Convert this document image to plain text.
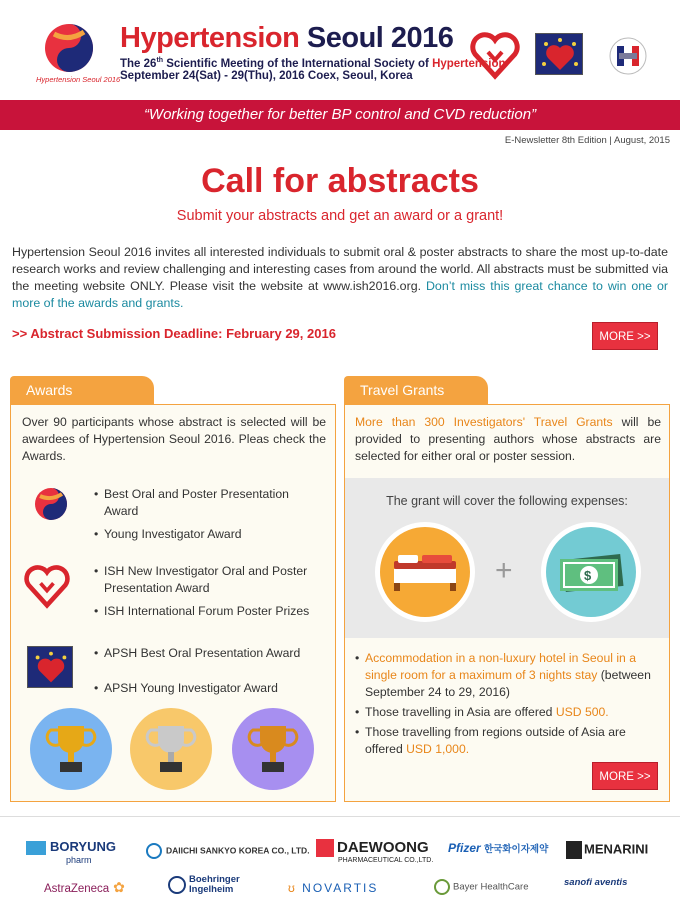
Hypertension Seoul 2016
Hypertension Seoul 2016
The 26th Scientific Meeting of the International Society of Hypertension
September 24(Sat) - 29(Thu), 2016 Coex, Seoul, Korea
“Working together for better BP control and CVD reduction”
E-Newsletter 8th Edition | August, 2015
Call for abstracts
Submit your abstracts and get an award or a grant!
Hypertension Seoul 2016 invites all interested individuals to submit oral & poster abstracts to share the most up-to-date research works and review challenging and interesting cases from around the world. All abstracts must be submitted via the meeting website ONLY. Please visit the website at www.ish2016.org. Don’t miss this great chance to win one or more of the awards and grants.
>> Abstract Submission Deadline: February 29, 2016	MORE >>
Awards	Travel Grants
Over 90 participants whose abstract is selected will be awardees of Hypertension Seoul 2016. Pleas check the Awards.
• Best Oral and Poster Presentation Award
• Young Investigator Award
• ISH New Investigator Oral and Poster Presentation Award
• ISH International Forum Poster Prizes
• APSH Best Oral Presentation Award
• APSH Young Investigator Award
More than 300 Investigators' Travel Grants will be provided to presenting authors whose abstracts are selected for either oral or poster session.
The grant will cover the following expenses:
+	$
• Accommodation in a non-luxury hotel in Seoul in a single room for a maximum of 3 nights stay (between September 24 to 29, 2016)
• Those travelling in Asia are offered USD 500.
• Those travelling from regions outside of Asia are offered USD 1,000.
MORE >>
BORYUNG
pharm
DAIICHI SANKYO KOREA CO., LTD.	DAEWOONG
PHARMACEUTICAL CO.,LTD.
Pfizer 한국화이자제약	MENARINI
AstraZeneca ✿	Boehringer
Ingelheim	ʊ NOVARTIS	Bayer HealthCare	sanofi aventis
